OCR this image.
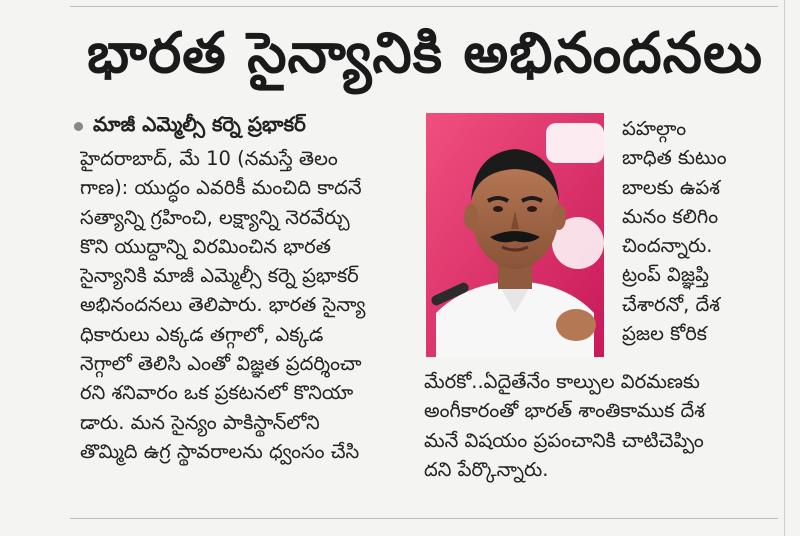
భారత సైన్యానికి అభినందనలు
మాజీ ఎమ్మెల్సీ కర్నె ప్రభాకర్
హైదరాబాద్, మే 10 (నమస్తే తెలం
గాణ): యుద్ధం ఎవరికీ మంచిది కాదనే
సత్యాన్ని గ్రహించి, లక్ష్యాన్ని నెరవేర్చు
కొని యుద్ధాన్ని విరమించిన భారత
సైన్యానికి మాజీ ఎమ్మెల్సీ కర్నె ప్రభాకర్
అభినందనలు తెలిపారు. భారత సైన్యా
ధికారులు ఎక్కడ తగ్గాలో, ఎక్కడ
నెగ్గాలో తెలిసి ఎంతో విజ్ఞత ప్రదర్శించా
రని శనివారం ఒక ప్రకటనలో కొనియా
డారు. మన సైన్యం పాకిస్థాన్‌లోని
తొమ్మిది ఉగ్ర స్థావరాలను ధ్వంసం చేసి
పహల్గాం
బాధిత కుటుం
బాలకు ఉపశ
మనం కలిగిం
చిందన్నారు.
ట్రంప్ విజ్ఞప్తి
చేశారనో, దేశ
ప్రజల కోరిక
మేరకో..ఏదైతేనేం కాల్పుల విరమణకు
అంగీకారంతో భారత్ శాంతికాముక దేశ
మనే విషయం ప్రపంచానికి చాటిచెప్పిం
దని పేర్కొన్నారు.
